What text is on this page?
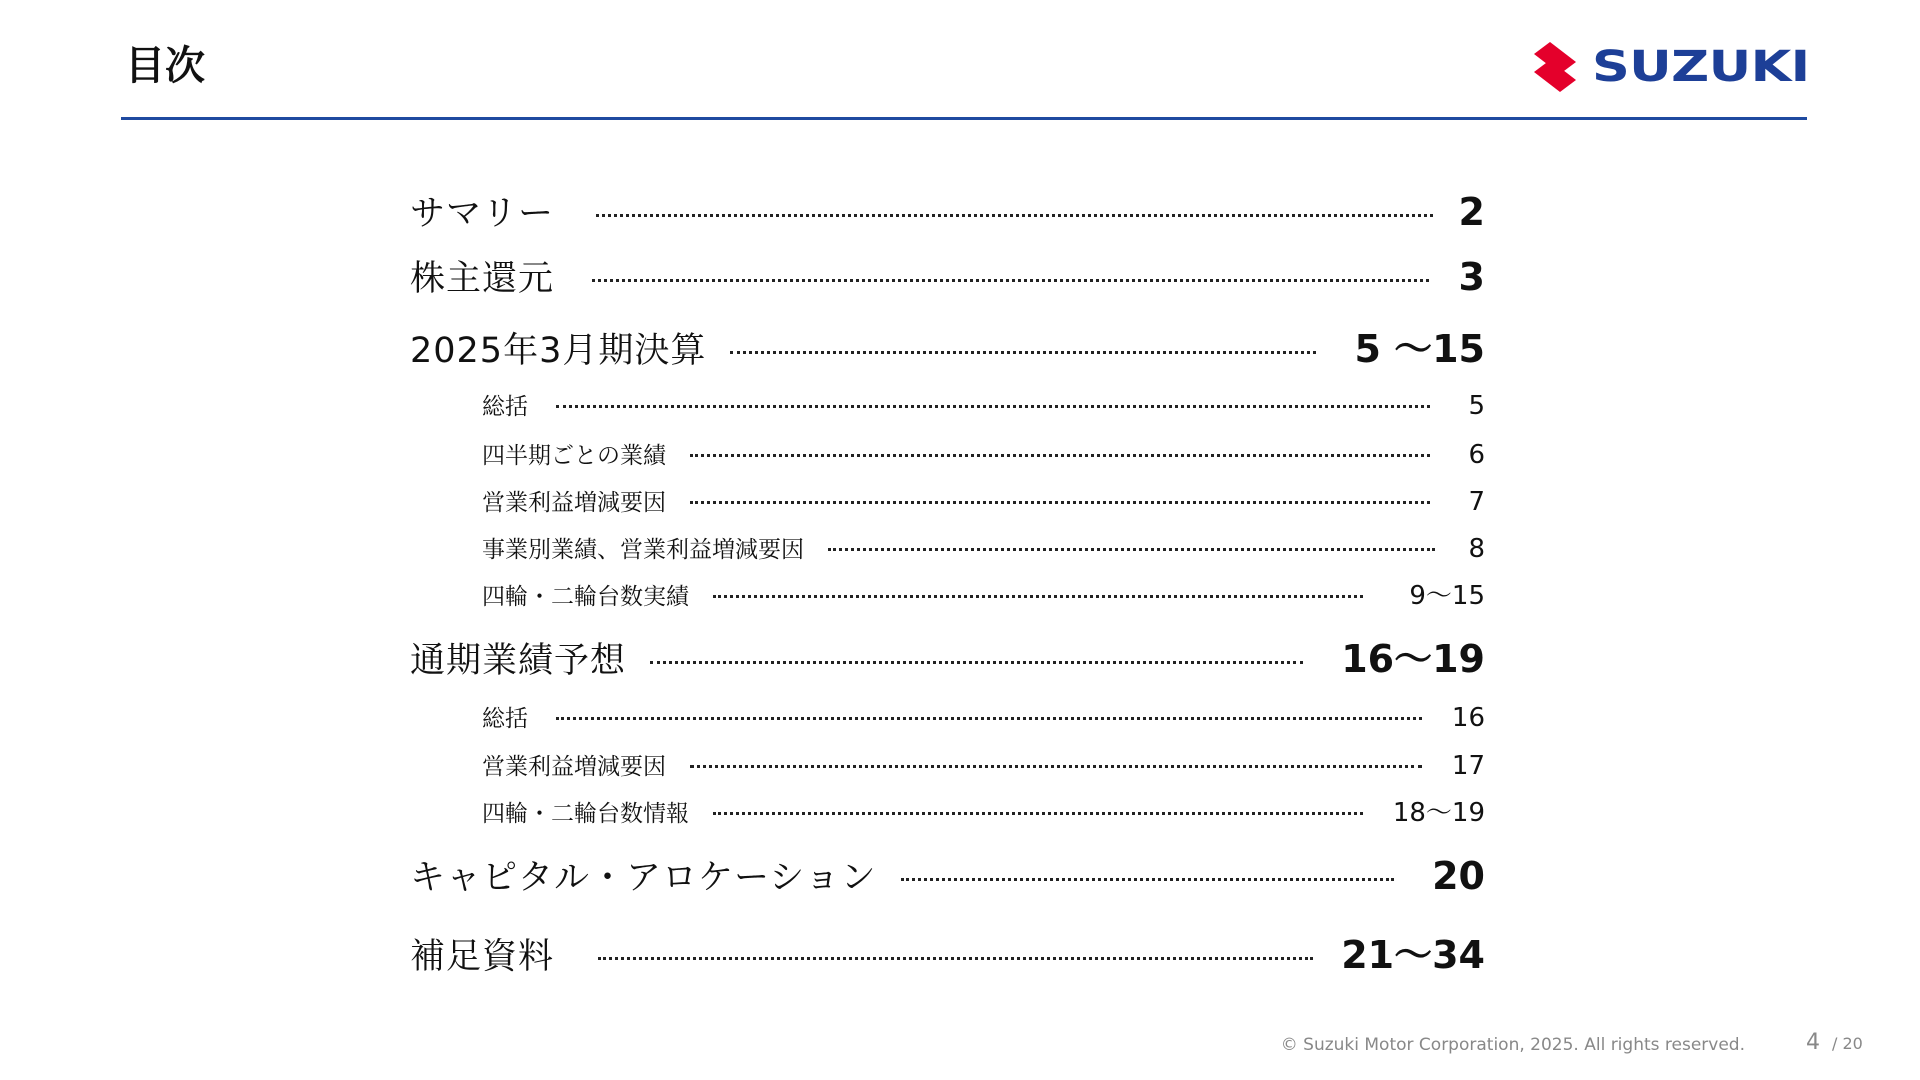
目次	SUZUKI
サマリー	2
株主還元	3
2025年3月期決算	5 〜15
総括	5
四半期ごとの業績	6
営業利益増減要因	7
事業別業績、営業利益増減要因	8
四輪・二輪台数実績	9〜15
通期業績予想	16〜19
総括	16
営業利益増減要因	17
四輪・二輪台数情報	18〜19
キャピタル・アロケーション	20
補足資料	21〜34
© Suzuki Motor Corporation, 2025. All rights reserved.	4 / 20
